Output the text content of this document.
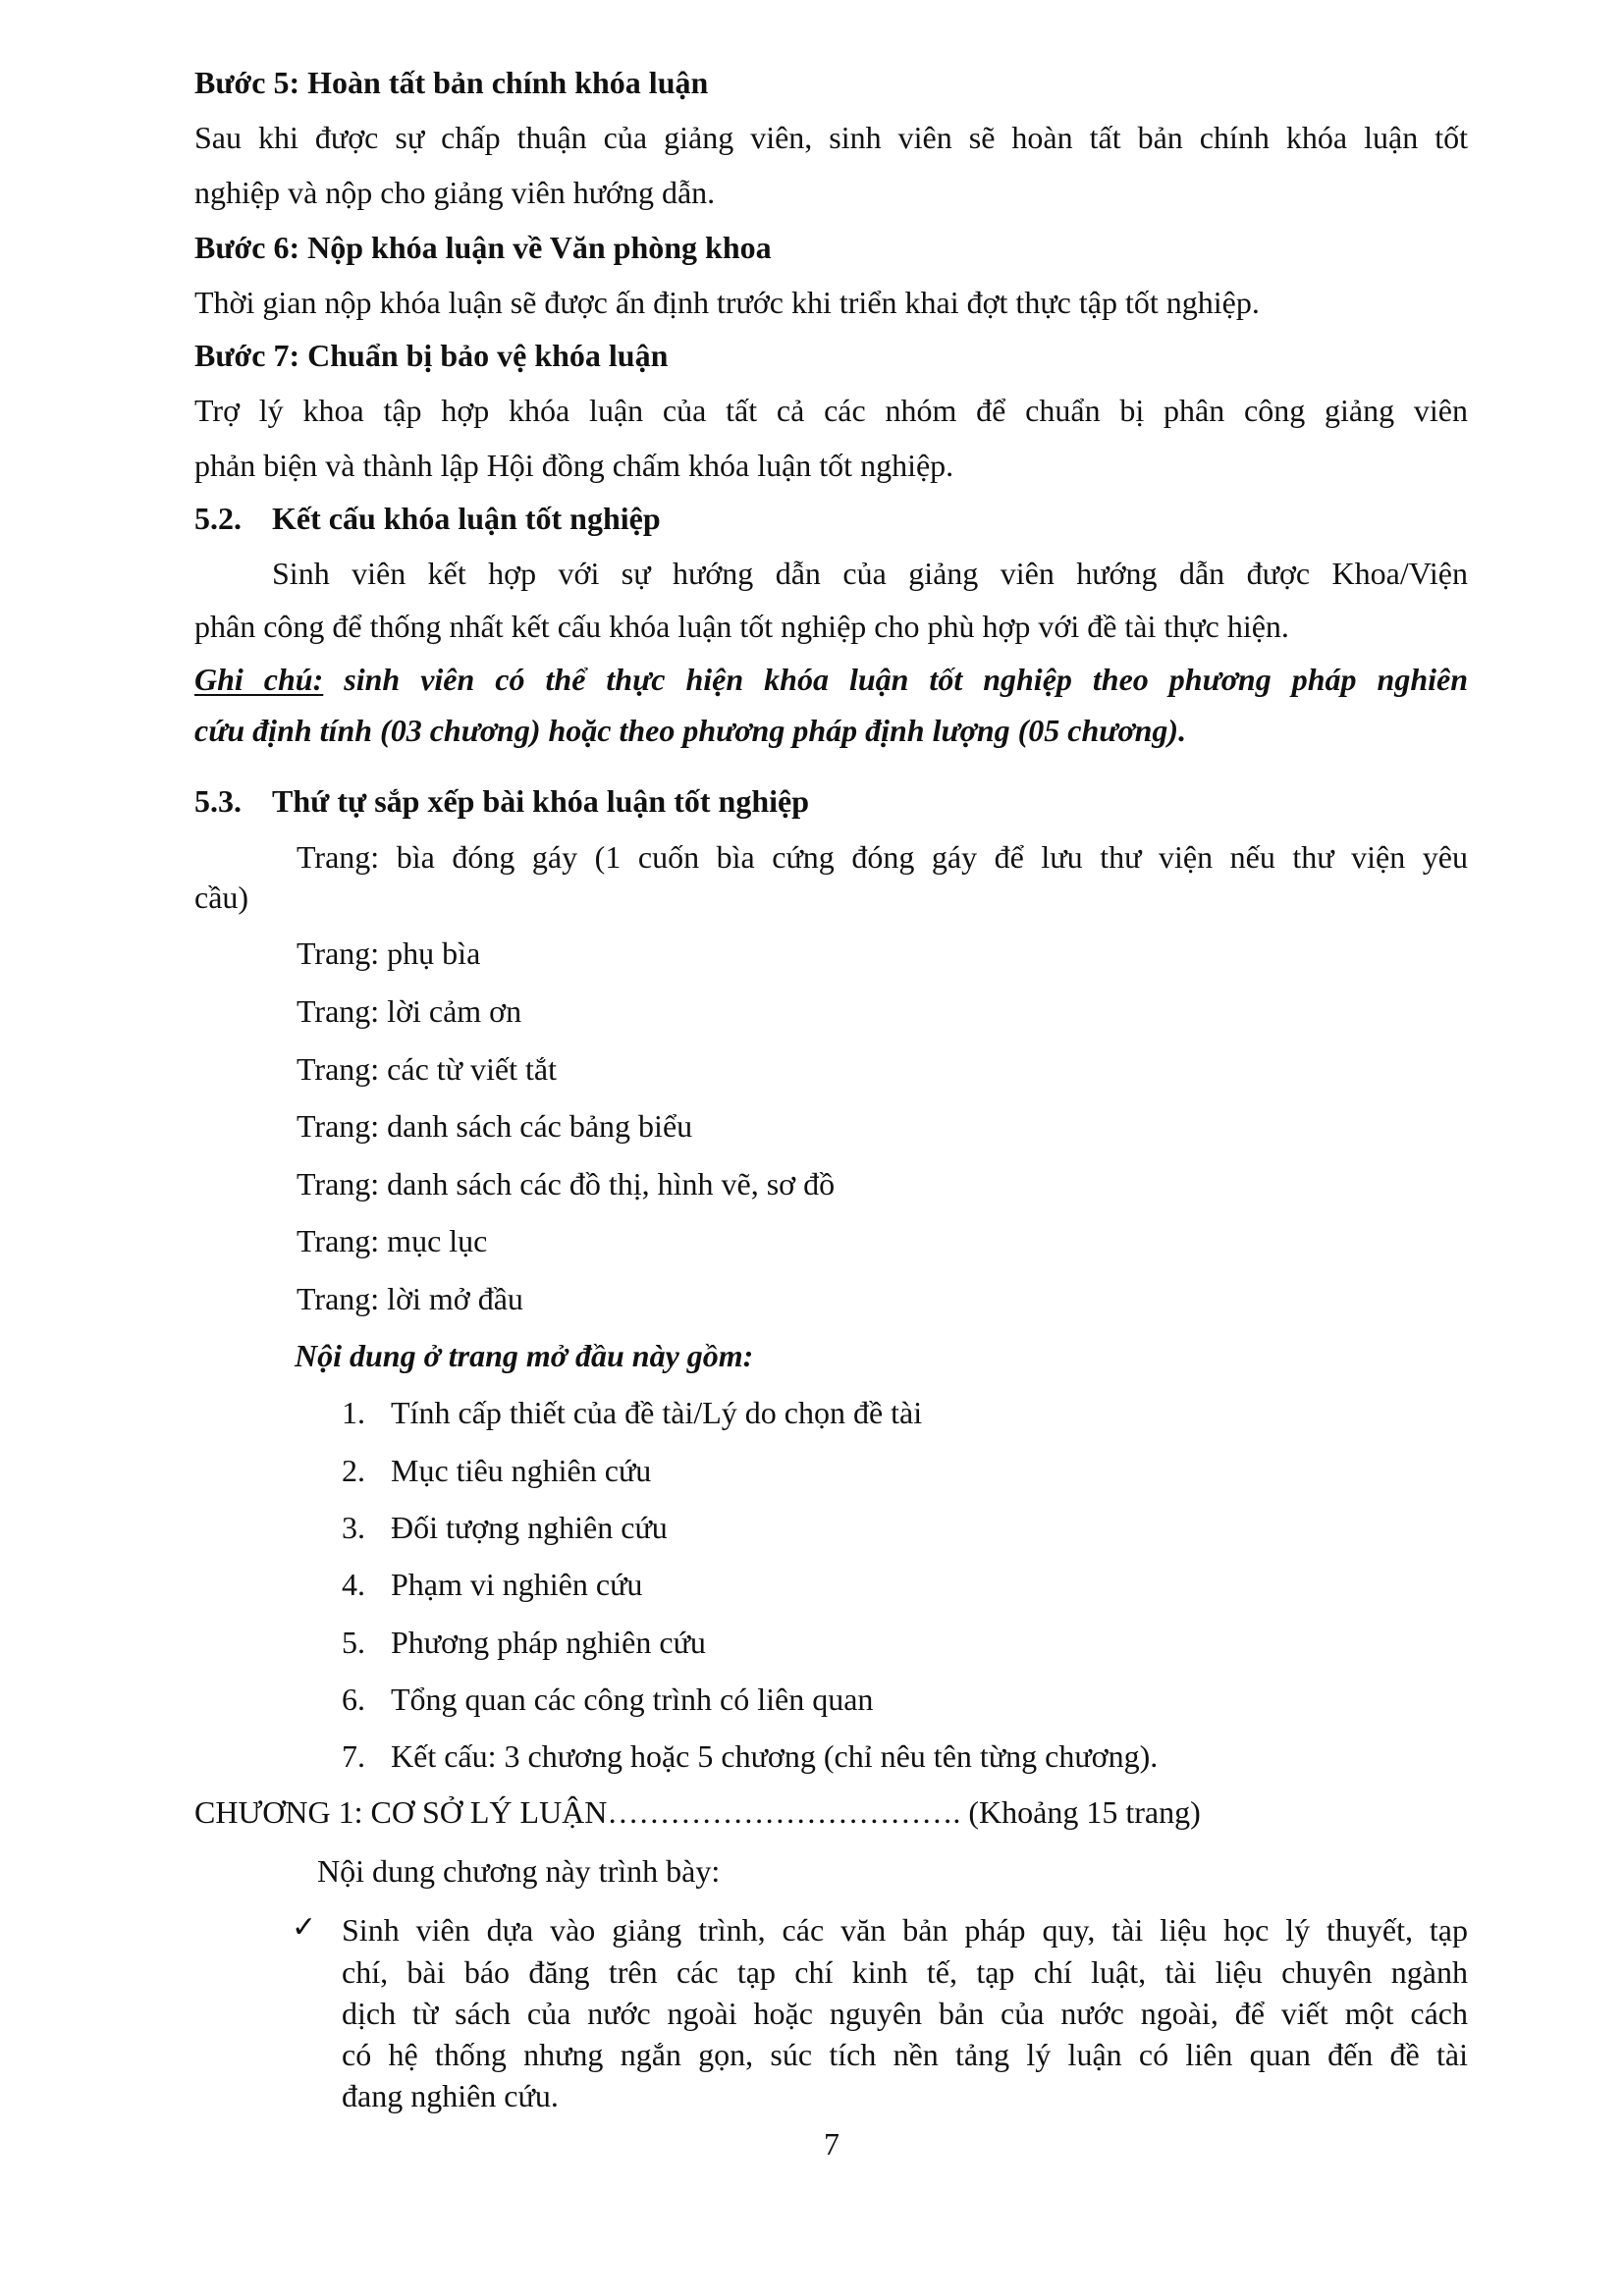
Bước 5: Hoàn tất bản chính khóa luận
Sau khi được sự chấp thuận của giảng viên, sinh viên sẽ hoàn tất bản chính khóa luận tốt
nghiệp và nộp cho giảng viên hướng dẫn.
Bước 6: Nộp khóa luận về Văn phòng khoa
Thời gian nộp khóa luận sẽ được ấn định trước khi triển khai đợt thực tập tốt nghiệp.
Bước 7: Chuẩn bị bảo vệ khóa luận
Trợ lý khoa tập hợp khóa luận của tất cả các nhóm để chuẩn bị phân công giảng viên
phản biện và thành lập Hội đồng chấm khóa luận tốt nghiệp.
5.2. Kết cấu khóa luận tốt nghiệp
Sinh viên kết hợp với sự hướng dẫn của giảng viên hướng dẫn được Khoa/Viện
phân công để thống nhất kết cấu khóa luận tốt nghiệp cho phù hợp với đề tài thực hiện.
Ghi chú: sinh viên có thể thực hiện khóa luận tốt nghiệp theo phương pháp nghiên
cứu định tính (03 chương) hoặc theo phương pháp định lượng (05 chương).
5.3. Thứ tự sắp xếp bài khóa luận tốt nghiệp
Trang: bìa đóng gáy (1 cuốn bìa cứng đóng gáy để lưu thư viện nếu thư viện yêu
cầu)
Trang: phụ bìa
Trang: lời cảm ơn
Trang: các từ viết tắt
Trang: danh sách các bảng biểu
Trang: danh sách các đồ thị, hình vẽ, sơ đồ
Trang: mục lục
Trang: lời mở đầu
Nội dung ở trang mở đầu này gồm:
1. Tính cấp thiết của đề tài/Lý do chọn đề tài
2. Mục tiêu nghiên cứu
3. Đối tượng nghiên cứu
4. Phạm vi nghiên cứu
5. Phương pháp nghiên cứu
6. Tổng quan các công trình có liên quan
7. Kết cấu: 3 chương hoặc 5 chương (chỉ nêu tên từng chương).
CHƯƠNG 1: CƠ SỞ LÝ LUẬN……………………………. (Khoảng 15 trang)
Nội dung chương này trình bày:
✓ Sinh viên dựa vào giảng trình, các văn bản pháp quy, tài liệu học lý thuyết, tạp
chí, bài báo đăng trên các tạp chí kinh tế, tạp chí luật, tài liệu chuyên ngành
dịch từ sách của nước ngoài hoặc nguyên bản của nước ngoài, để viết một cách
có hệ thống nhưng ngắn gọn, súc tích nền tảng lý luận có liên quan đến đề tài
đang nghiên cứu.
7
